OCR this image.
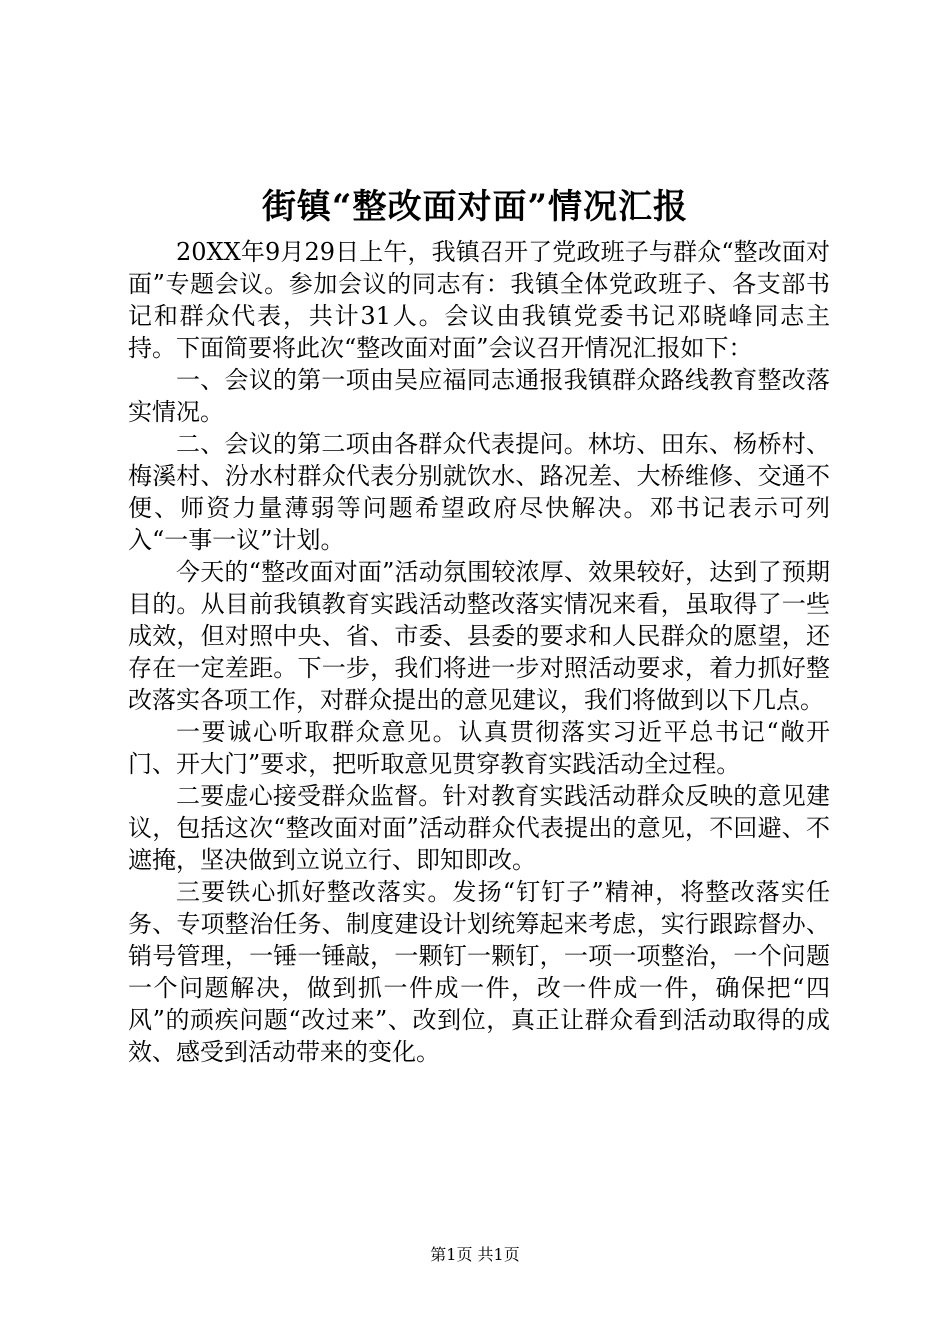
街镇“整改面对面”情况汇报

20XX年9月29日上午，我镇召开了党政班子与群众“整改面对面”专题会议。参加会议的同志有：我镇全体党政班子、各支部书记和群众代表，共计31人。会议由我镇党委书记邓晓峰同志主持。下面简要将此次“整改面对面”会议召开情况汇报如下：

一、会议的第一项由吴应福同志通报我镇群众路线教育整改落实情况。

二、会议的第二项由各群众代表提问。林坊、田东、杨桥村、梅溪村、汾水村群众代表分别就饮水、路况差、大桥维修、交通不便、师资力量薄弱等问题希望政府尽快解决。邓书记表示可列入“一事一议”计划。

今天的“整改面对面”活动氛围较浓厚、效果较好，达到了预期目的。从目前我镇教育实践活动整改落实情况来看，虽取得了一些成效，但对照中央、省、市委、县委的要求和人民群众的愿望，还存在一定差距。下一步，我们将进一步对照活动要求，着力抓好整改落实各项工作，对群众提出的意见建议，我们将做到以下几点。

一要诚心听取群众意见。认真贯彻落实习近平总书记“敞开门、开大门”要求，把听取意见贯穿教育实践活动全过程。

二要虚心接受群众监督。针对教育实践活动群众反映的意见建议，包括这次“整改面对面”活动群众代表提出的意见，不回避、不遮掩，坚决做到立说立行、即知即改。

三要铁心抓好整改落实。发扬“钉钉子”精神，将整改落实任务、专项整治任务、制度建设计划统筹起来考虑，实行跟踪督办、销号管理，一锤一锤敲，一颗钉一颗钉，一项一项整治，一个问题一个问题解决，做到抓一件成一件，改一件成一件，确保把“四风”的顽疾问题“改过来”、改到位，真正让群众看到活动取得的成效、感受到活动带来的变化。

第1页 共1页
